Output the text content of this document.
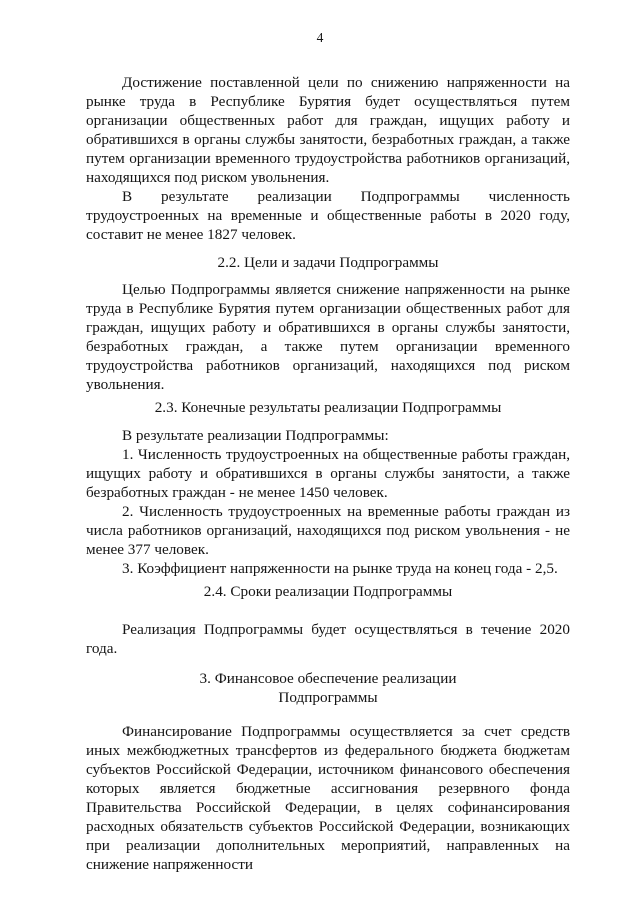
4

Достижение поставленной цели по снижению напряженности на рынке труда в Республике Бурятия будет осуществляться путем организации общественных работ для граждан, ищущих работу и обратившихся в органы службы занятости, безработных граждан, а также путем организации временного трудоустройства работников организаций, находящихся под риском увольнения.

В результате реализации Подпрограммы численность трудоустроенных на временные и общественные работы в 2020 году, составит не менее 1827 человек.

2.2. Цели и задачи Подпрограммы

Целью Подпрограммы является снижение напряженности на рынке труда в Республике Бурятия путем организации общественных работ для граждан, ищущих работу и обратившихся в органы службы занятости, безработных граждан, а также путем организации временного трудоустройства работников организаций, находящихся под риском увольнения.

2.3. Конечные результаты реализации Подпрограммы

В результате реализации Подпрограммы:

1. Численность трудоустроенных на общественные работы граждан, ищущих работу и обратившихся в органы службы занятости, а также безработных граждан - не менее 1450 человек.

2. Численность трудоустроенных на временные работы граждан из числа работников организаций, находящихся под риском увольнения - не менее 377 человек.

3. Коэффициент напряженности на рынке труда на конец года - 2,5.

2.4. Сроки реализации Подпрограммы

Реализация Подпрограммы будет осуществляться в течение 2020 года.

3. Финансовое обеспечение реализации

Подпрограммы

Финансирование Подпрограммы осуществляется за счет средств иных межбюджетных трансфертов из федерального бюджета бюджетам субъектов Российской Федерации, источником финансового обеспечения которых является бюджетные ассигнования резервного фонда Правительства Российской Федерации, в целях софинансирования расходных обязательств субъектов Российской Федерации, возникающих при реализации дополнительных мероприятий, направленных на снижение напряженности
